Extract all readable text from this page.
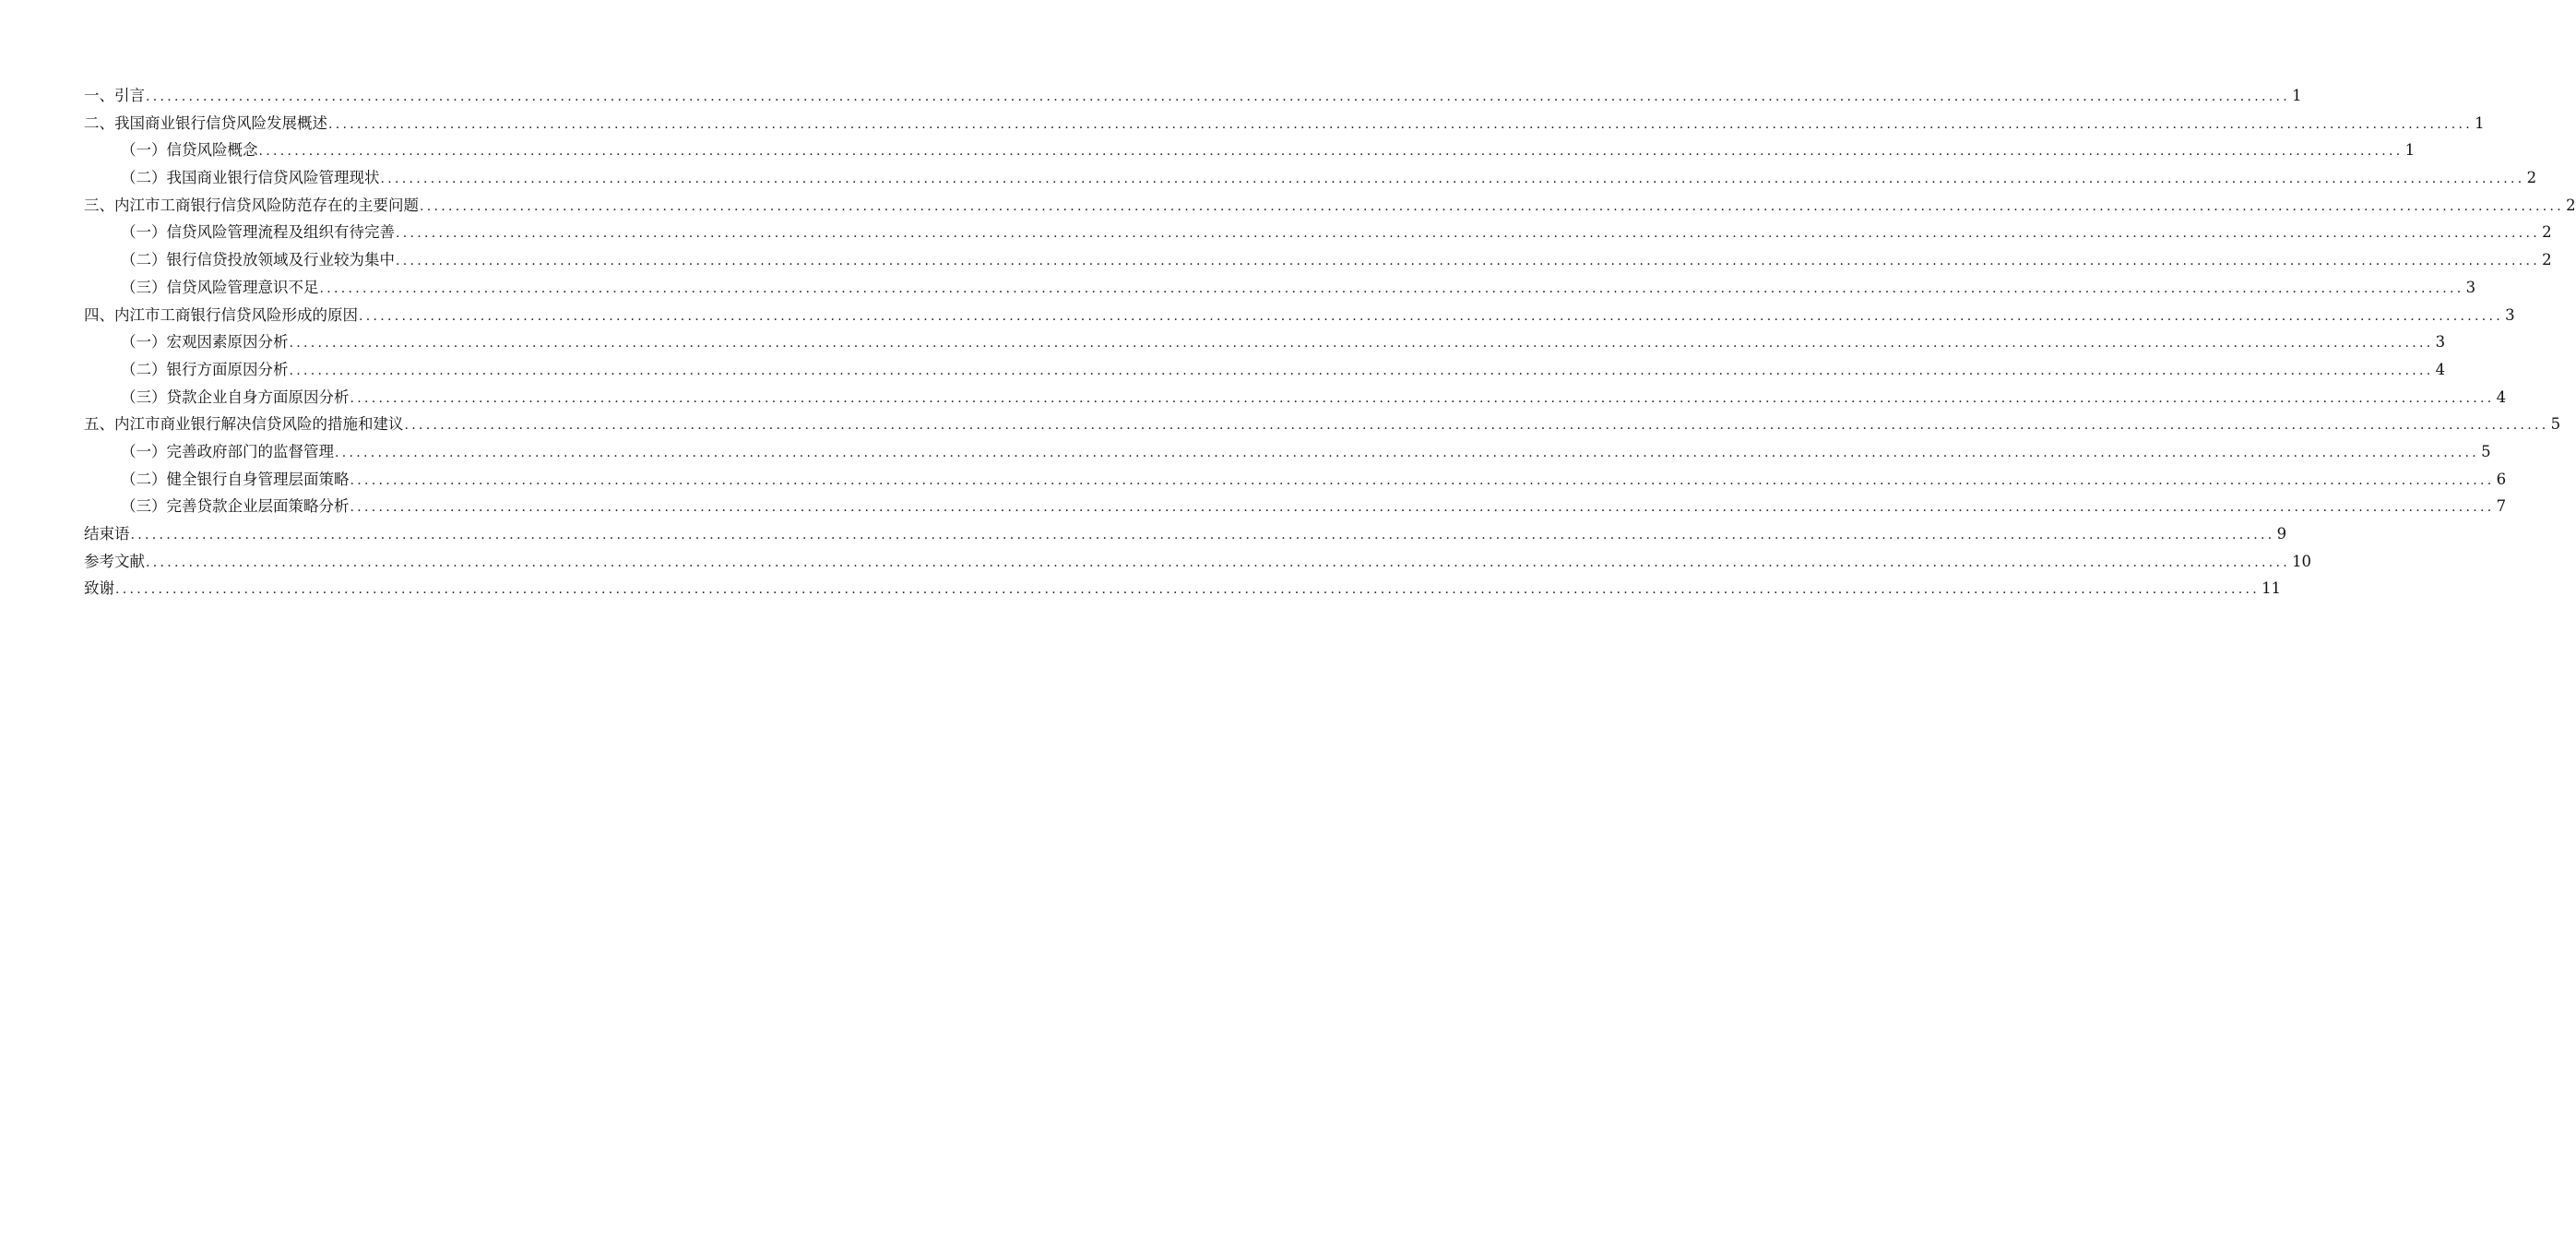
一、引言 ............................................................................................................................................................................................................................................................................................................ 1
二、我国商业银行信贷风险发展概述 ............................................................................................................................................................................................................................................................................................................ 1
（一）信贷风险概念 ............................................................................................................................................................................................................................................................................................................ 1
（二）我国商业银行信贷风险管理现状 ............................................................................................................................................................................................................................................................................................................ 2
三、内江市工商银行信贷风险防范存在的主要问题 ............................................................................................................................................................................................................................................................................................................ 2
（一）信贷风险管理流程及组织有待完善 ............................................................................................................................................................................................................................................................................................................ 2
（二）银行信贷投放领域及行业较为集中 ............................................................................................................................................................................................................................................................................................................ 2
（三）信贷风险管理意识不足 ............................................................................................................................................................................................................................................................................................................ 3
四、内江市工商银行信贷风险形成的原因 ............................................................................................................................................................................................................................................................................................................ 3
（一）宏观因素原因分析 ............................................................................................................................................................................................................................................................................................................ 3
（二）银行方面原因分析 ............................................................................................................................................................................................................................................................................................................ 4
（三）贷款企业自身方面原因分析 ............................................................................................................................................................................................................................................................................................................ 4
五、内江市商业银行解决信贷风险的措施和建议 ............................................................................................................................................................................................................................................................................................................ 5
（一）完善政府部门的监督管理 ............................................................................................................................................................................................................................................................................................................ 5
（二）健全银行自身管理层面策略 ............................................................................................................................................................................................................................................................................................................ 6
（三）完善贷款企业层面策略分析 ............................................................................................................................................................................................................................................................................................................ 7
结束语 ............................................................................................................................................................................................................................................................................................................ 9
参考文献 ............................................................................................................................................................................................................................................................................................................ 10
致谢 ............................................................................................................................................................................................................................................................................................................ 11
